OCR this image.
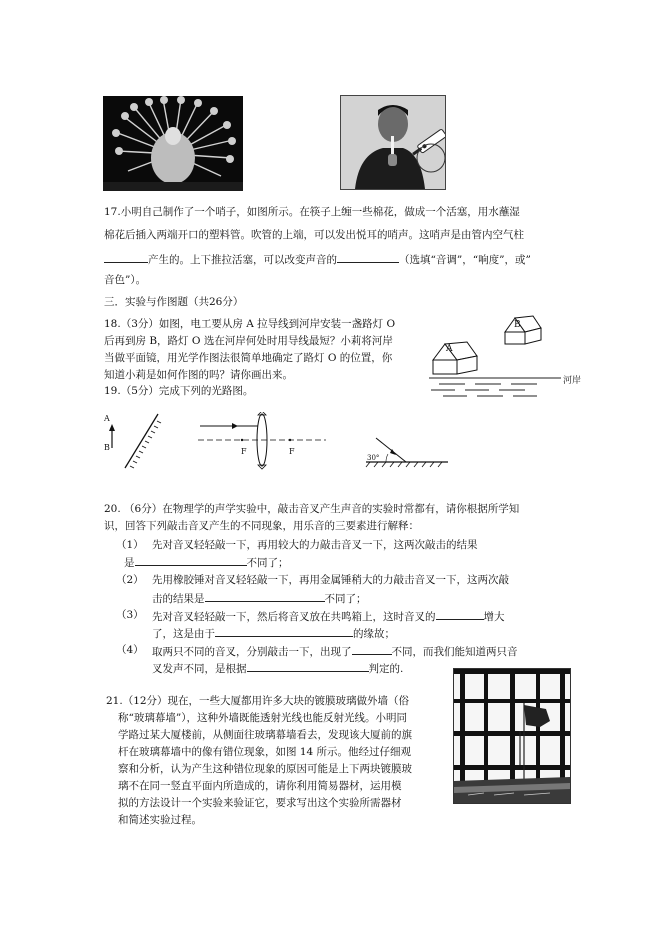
17.小明自己制作了一个哨子，如图所示。在筷子上缠一些棉花，做成一个活塞，用水蘸湿
棉花后插入两端开口的塑料管。吹管的上端，可以发出悦耳的哨声。这哨声是由管内空气柱
产生的。上下推拉活塞，可以改变声音的	（选填“音调”，“响度”，或”
音色”）。
三．实验与作图题（共26分）
18.（3分）如图，电工要从房 A 拉导线到河岸安装一盏路灯 O
后再到房 B，路灯 O 选在河岸何处时用导线最短？小莉将河岸
当做平面镜，用光学作图法很简单地确定了路灯 O 的位置，你
知道小莉是如何作图的吗？请你画出来。
A
B
河岸
19.（5分）完成下列的光路图。
A
B	F	F
30°
20. （6分）在物理学的声学实验中，敲击音叉产生声音的实验时常都有，请你根据所学知
识，回答下列敲击音叉产生的不同现象，用乐音的三要素进行解释：
（1） 先对音叉轻轻敲一下，再用较大的力敲击音叉一下，这两次敲击的结果
是	不同了；
（2） 先用橡胶锤对音叉轻轻敲一下，再用金属锤稍大的力敲击音叉一下，这两次敲
击的结果是	不同了；
（3） 先对音叉轻轻敲一下，然后将音叉放在共鸣箱上，这时音叉的	增大
了，这是由于	的缘故；
（4） 取两只不同的音叉，分别敲击一下，出现了	不同，而我们能知道两只音
叉发声不同，是根据	判定的.
21.（12分）现在，一些大厦都用许多大块的镀膜玻璃做外墙（俗
称“玻璃幕墙”），这种外墙既能透射光线也能反射光线。小明同
学路过某大厦楼前，从侧面往玻璃幕墙看去，发现该大厦前的旗
杆在玻璃幕墙中的像有错位现象，如图 14 所示。他经过仔细观
察和分析，认为产生这种错位现象的原因可能是上下两块镀膜玻
璃不在同一竖直平面内所造成的，请你利用简易器材，运用模
拟的方法设计一个实验来验证它，要求写出这个实验所需器材
和简述实验过程。
